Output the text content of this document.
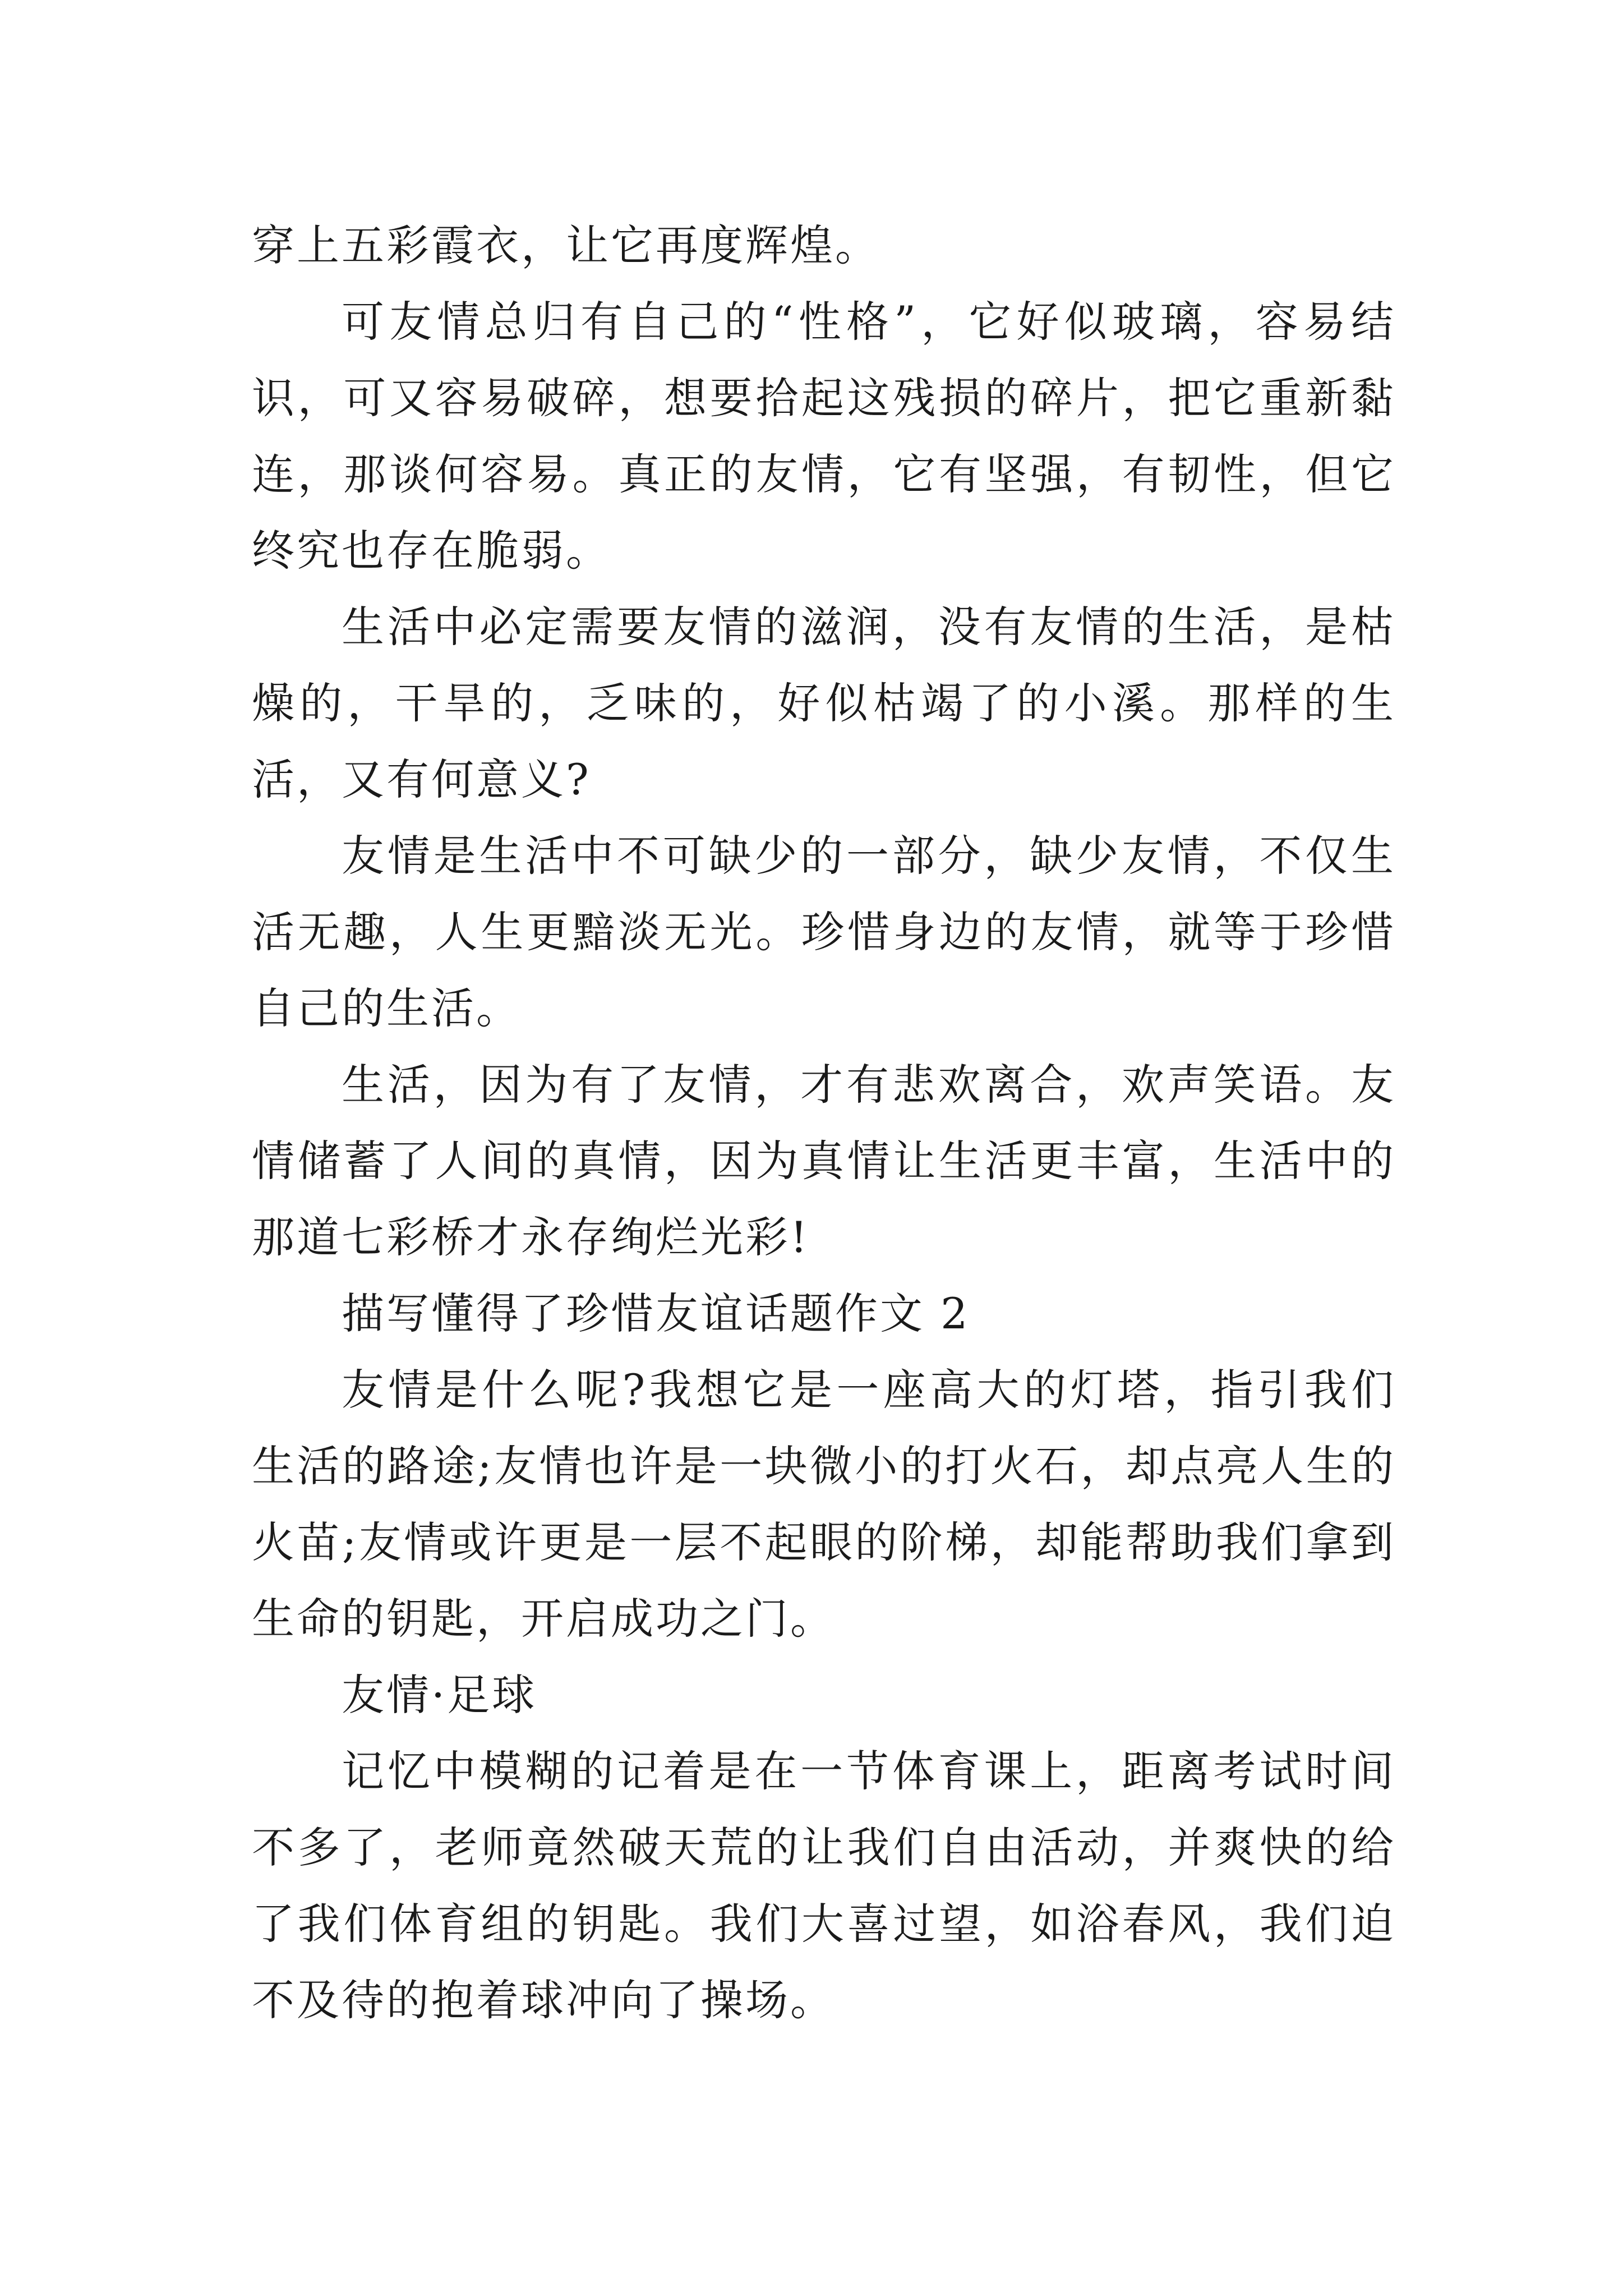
穿上五彩霞衣，让它再度辉煌。

可友情总归有自己的“性格”，它好似玻璃，容易结识，可又容易破碎，想要拾起这残损的碎片，把它重新黏连，那谈何容易。真正的友情，它有坚强，有韧性，但它终究也存在脆弱。

生活中必定需要友情的滋润，没有友情的生活，是枯燥的，干旱的，乏味的，好似枯竭了的小溪。那样的生活，又有何意义?

友情是生活中不可缺少的一部分，缺少友情，不仅生活无趣，人生更黯淡无光。珍惜身边的友情，就等于珍惜自己的生活。

生活，因为有了友情，才有悲欢离合，欢声笑语。友情储蓄了人间的真情，因为真情让生活更丰富，生活中的那道七彩桥才永存绚烂光彩!

描写懂得了珍惜友谊话题作文 2

友情是什么呢?我想它是一座高大的灯塔，指引我们生活的路途;友情也许是一块微小的打火石，却点亮人生的火苗;友情或许更是一层不起眼的阶梯，却能帮助我们拿到生命的钥匙，开启成功之门。

友情·足球

记忆中模糊的记着是在一节体育课上，距离考试时间不多了，老师竟然破天荒的让我们自由活动，并爽快的给了我们体育组的钥匙。我们大喜过望，如浴春风，我们迫不及待的抱着球冲向了操场。
